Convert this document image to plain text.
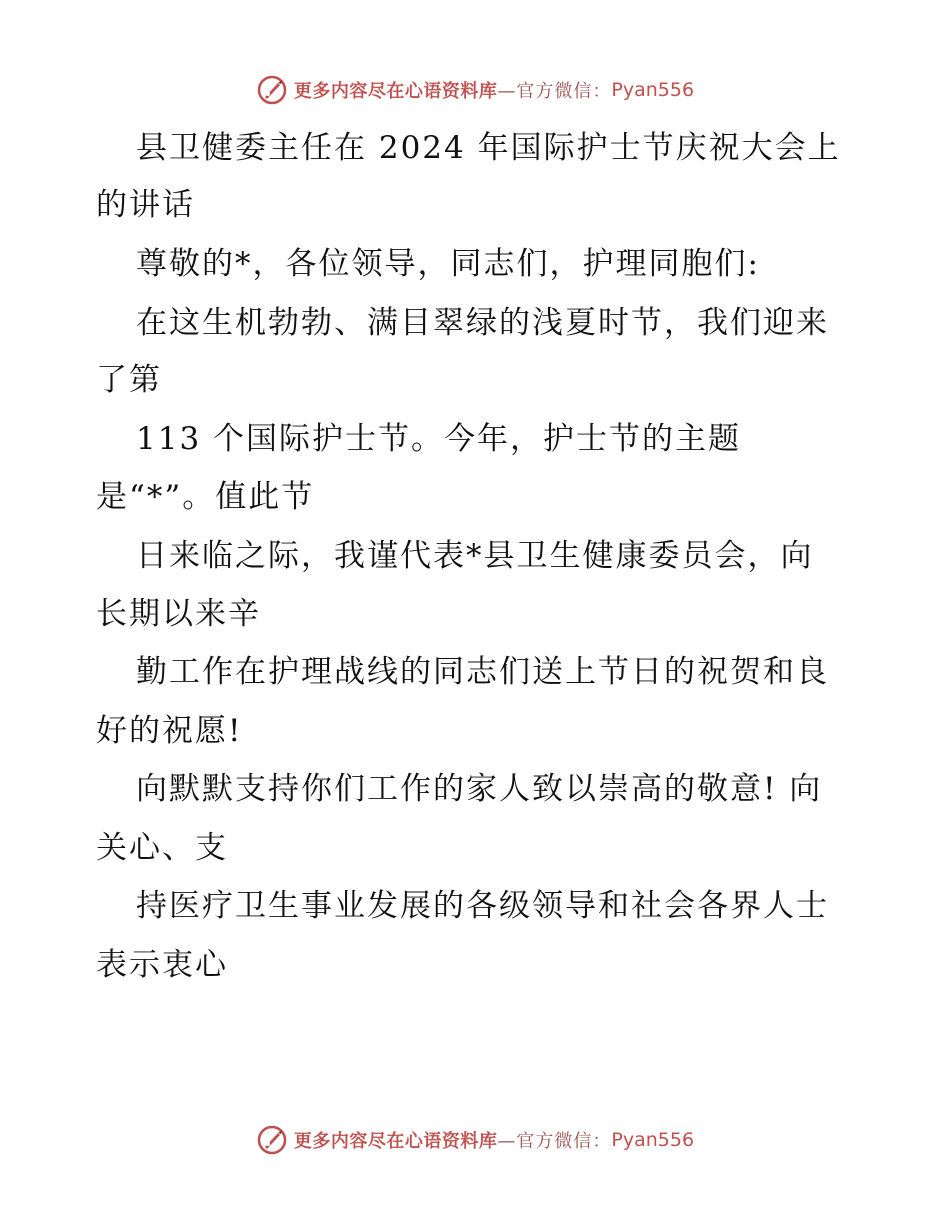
更多内容尽在心语资料库 —官方微信： Pyan556
县卫健委主任在 2024 年国际护士节庆祝大会上
的讲话
尊敬的*，各位领导，同志们，护理同胞们:
在这生机勃勃、满目翠绿的浅夏时节，我们迎来
了第
113 个国际护士节。今年，护士节的主题
是“*”。值此节
日来临之际，我谨代表*县卫生健康委员会，向
长期以来辛
勤工作在护理战线的同志们送上节日的祝贺和良
好的祝愿!
向默默支持你们工作的家人致以崇高的敬意! 向
关心、支
持医疗卫生事业发展的各级领导和社会各界人士
表示衷心
更多内容尽在心语资料库 —官方微信： Pyan556
